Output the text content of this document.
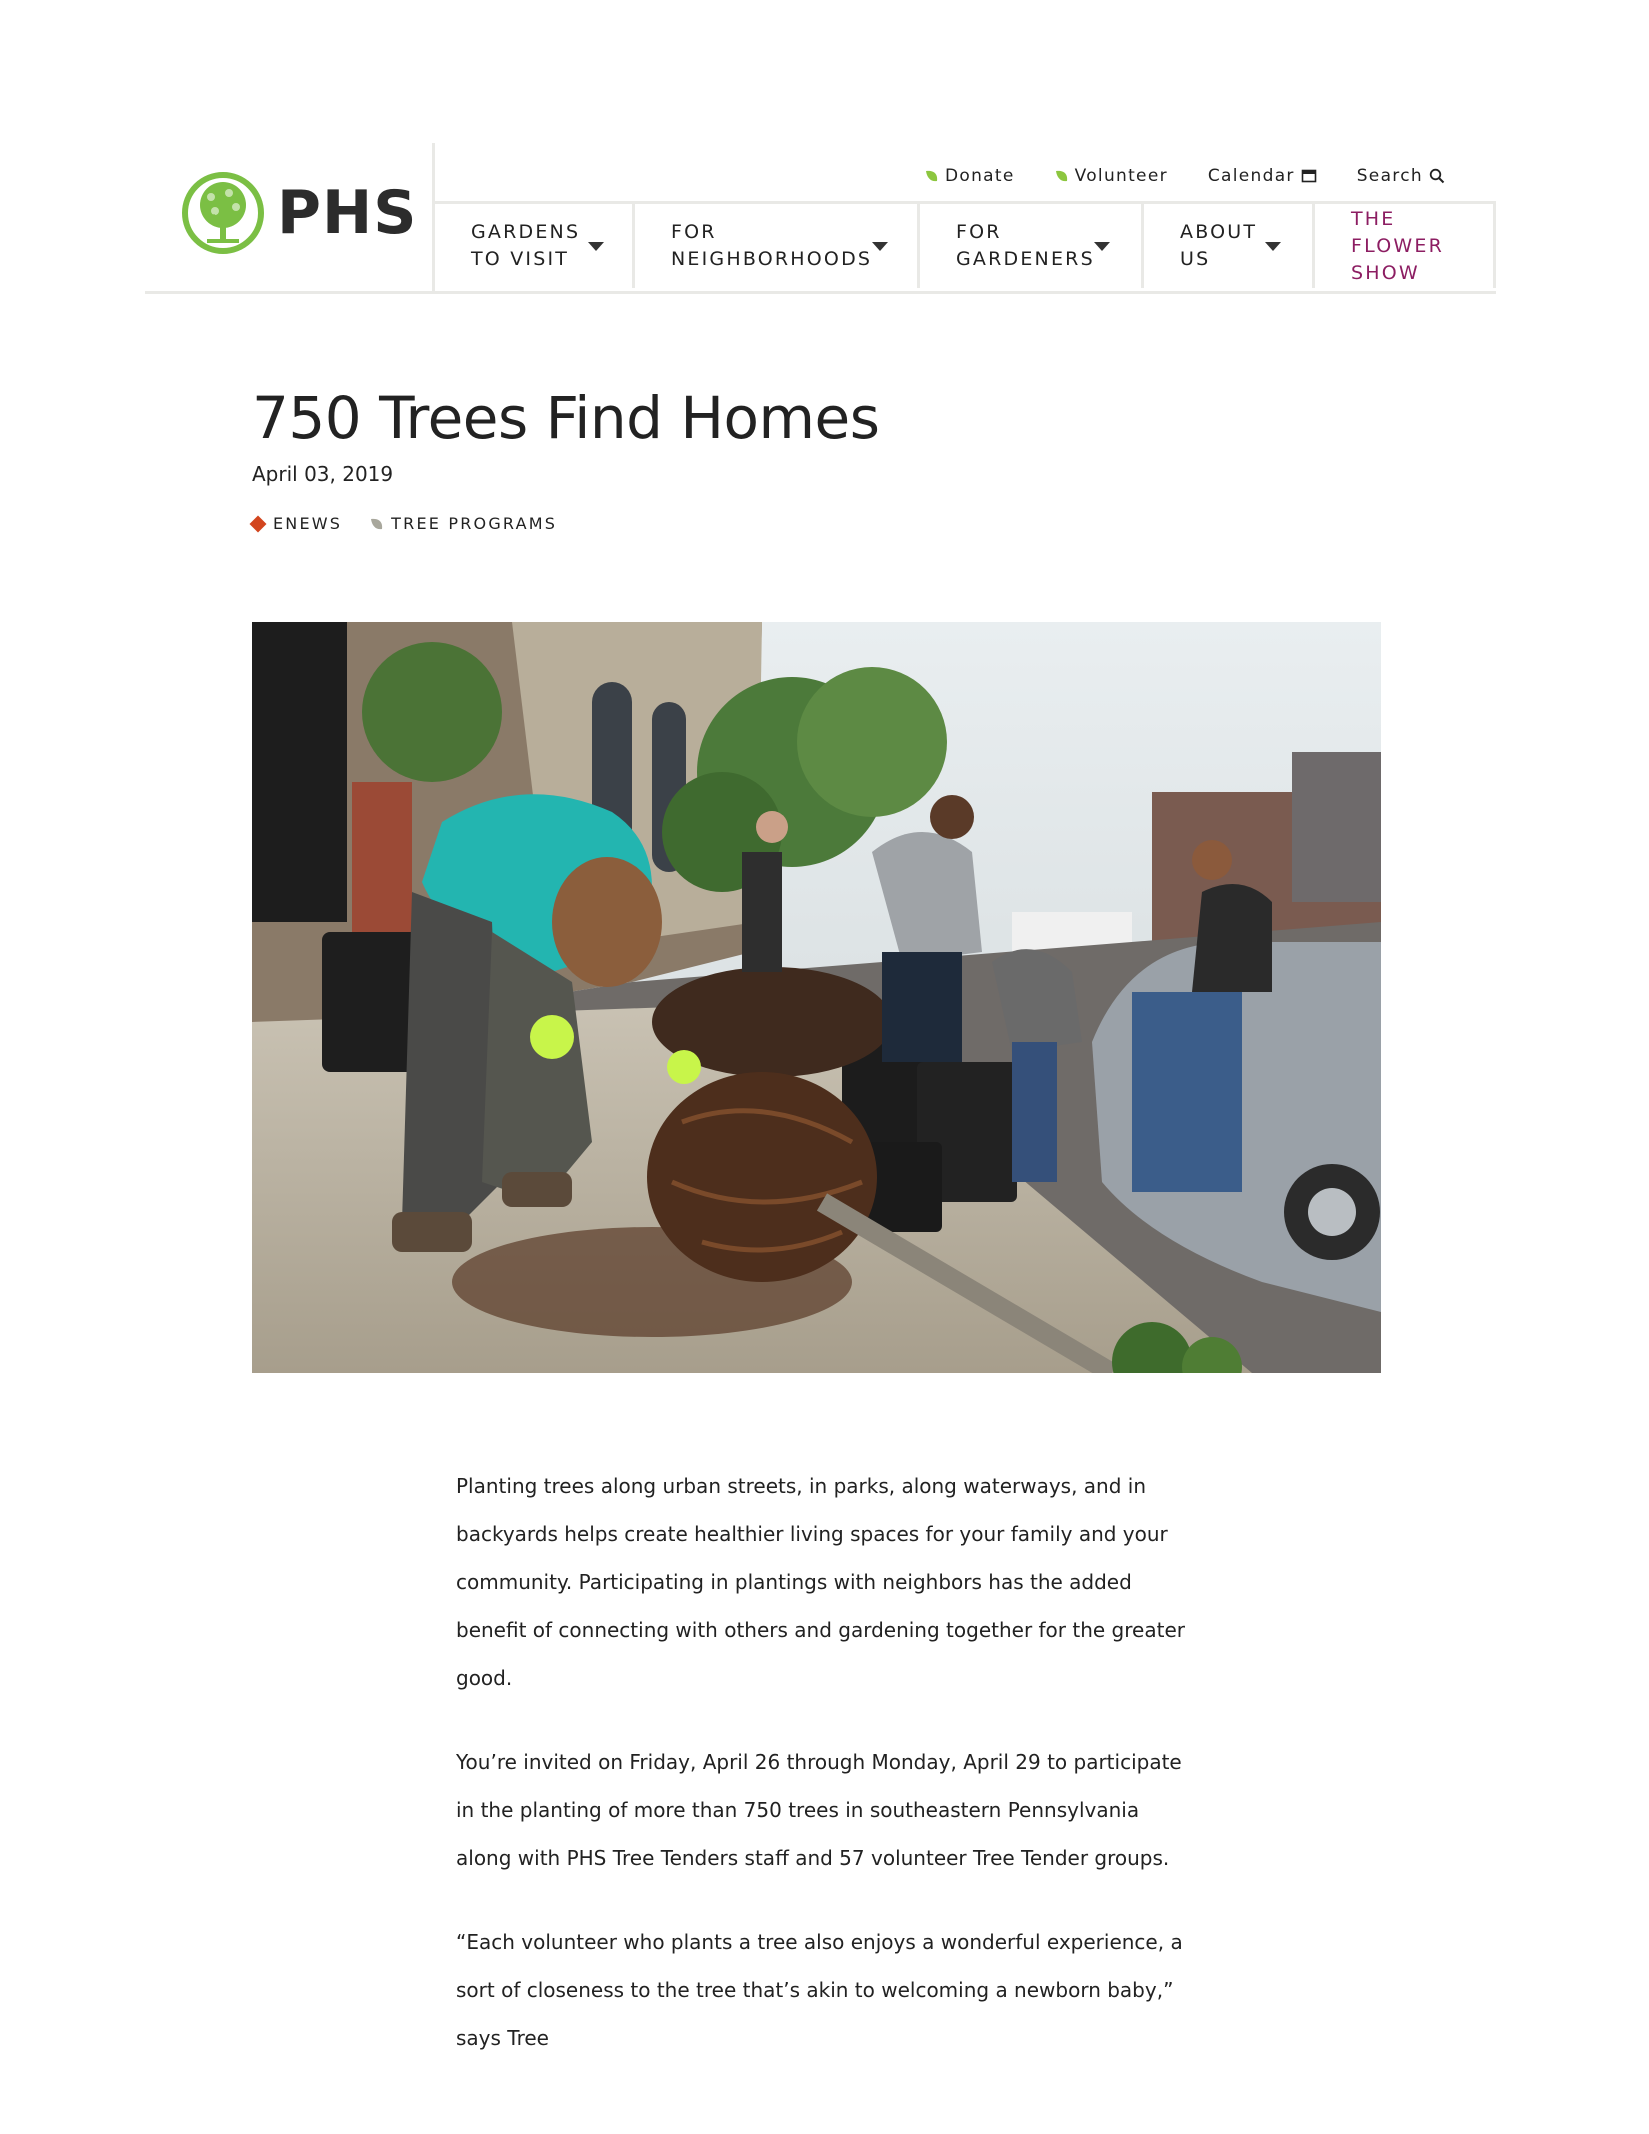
PHS
Donate	Volunteer Calendar	Search
GARDENS TO VISIT
FOR NEIGHBORHOODS
FOR GARDENERS
ABOUT US
THE FLOWER SHOW
750 Trees Find Homes
April 03, 2019
ENEWS	TREE PROGRAMS

Planting trees along urban streets, in parks, along waterways, and in backyards helps create healthier living spaces for your family and your community. Participating in plantings with neighbors has the added benefit of connecting with others and gardening together for the greater good.

You’re invited on Friday, April 26 through Monday, April 29 to participate in the planting of more than 750 trees in southeastern Pennsylvania along with PHS Tree Tenders staff and 57 volunteer Tree Tender groups.

“Each volunteer who plants a tree also enjoys a wonderful experience, a sort of closeness to the tree that’s akin to welcoming a newborn baby,” says Tree
